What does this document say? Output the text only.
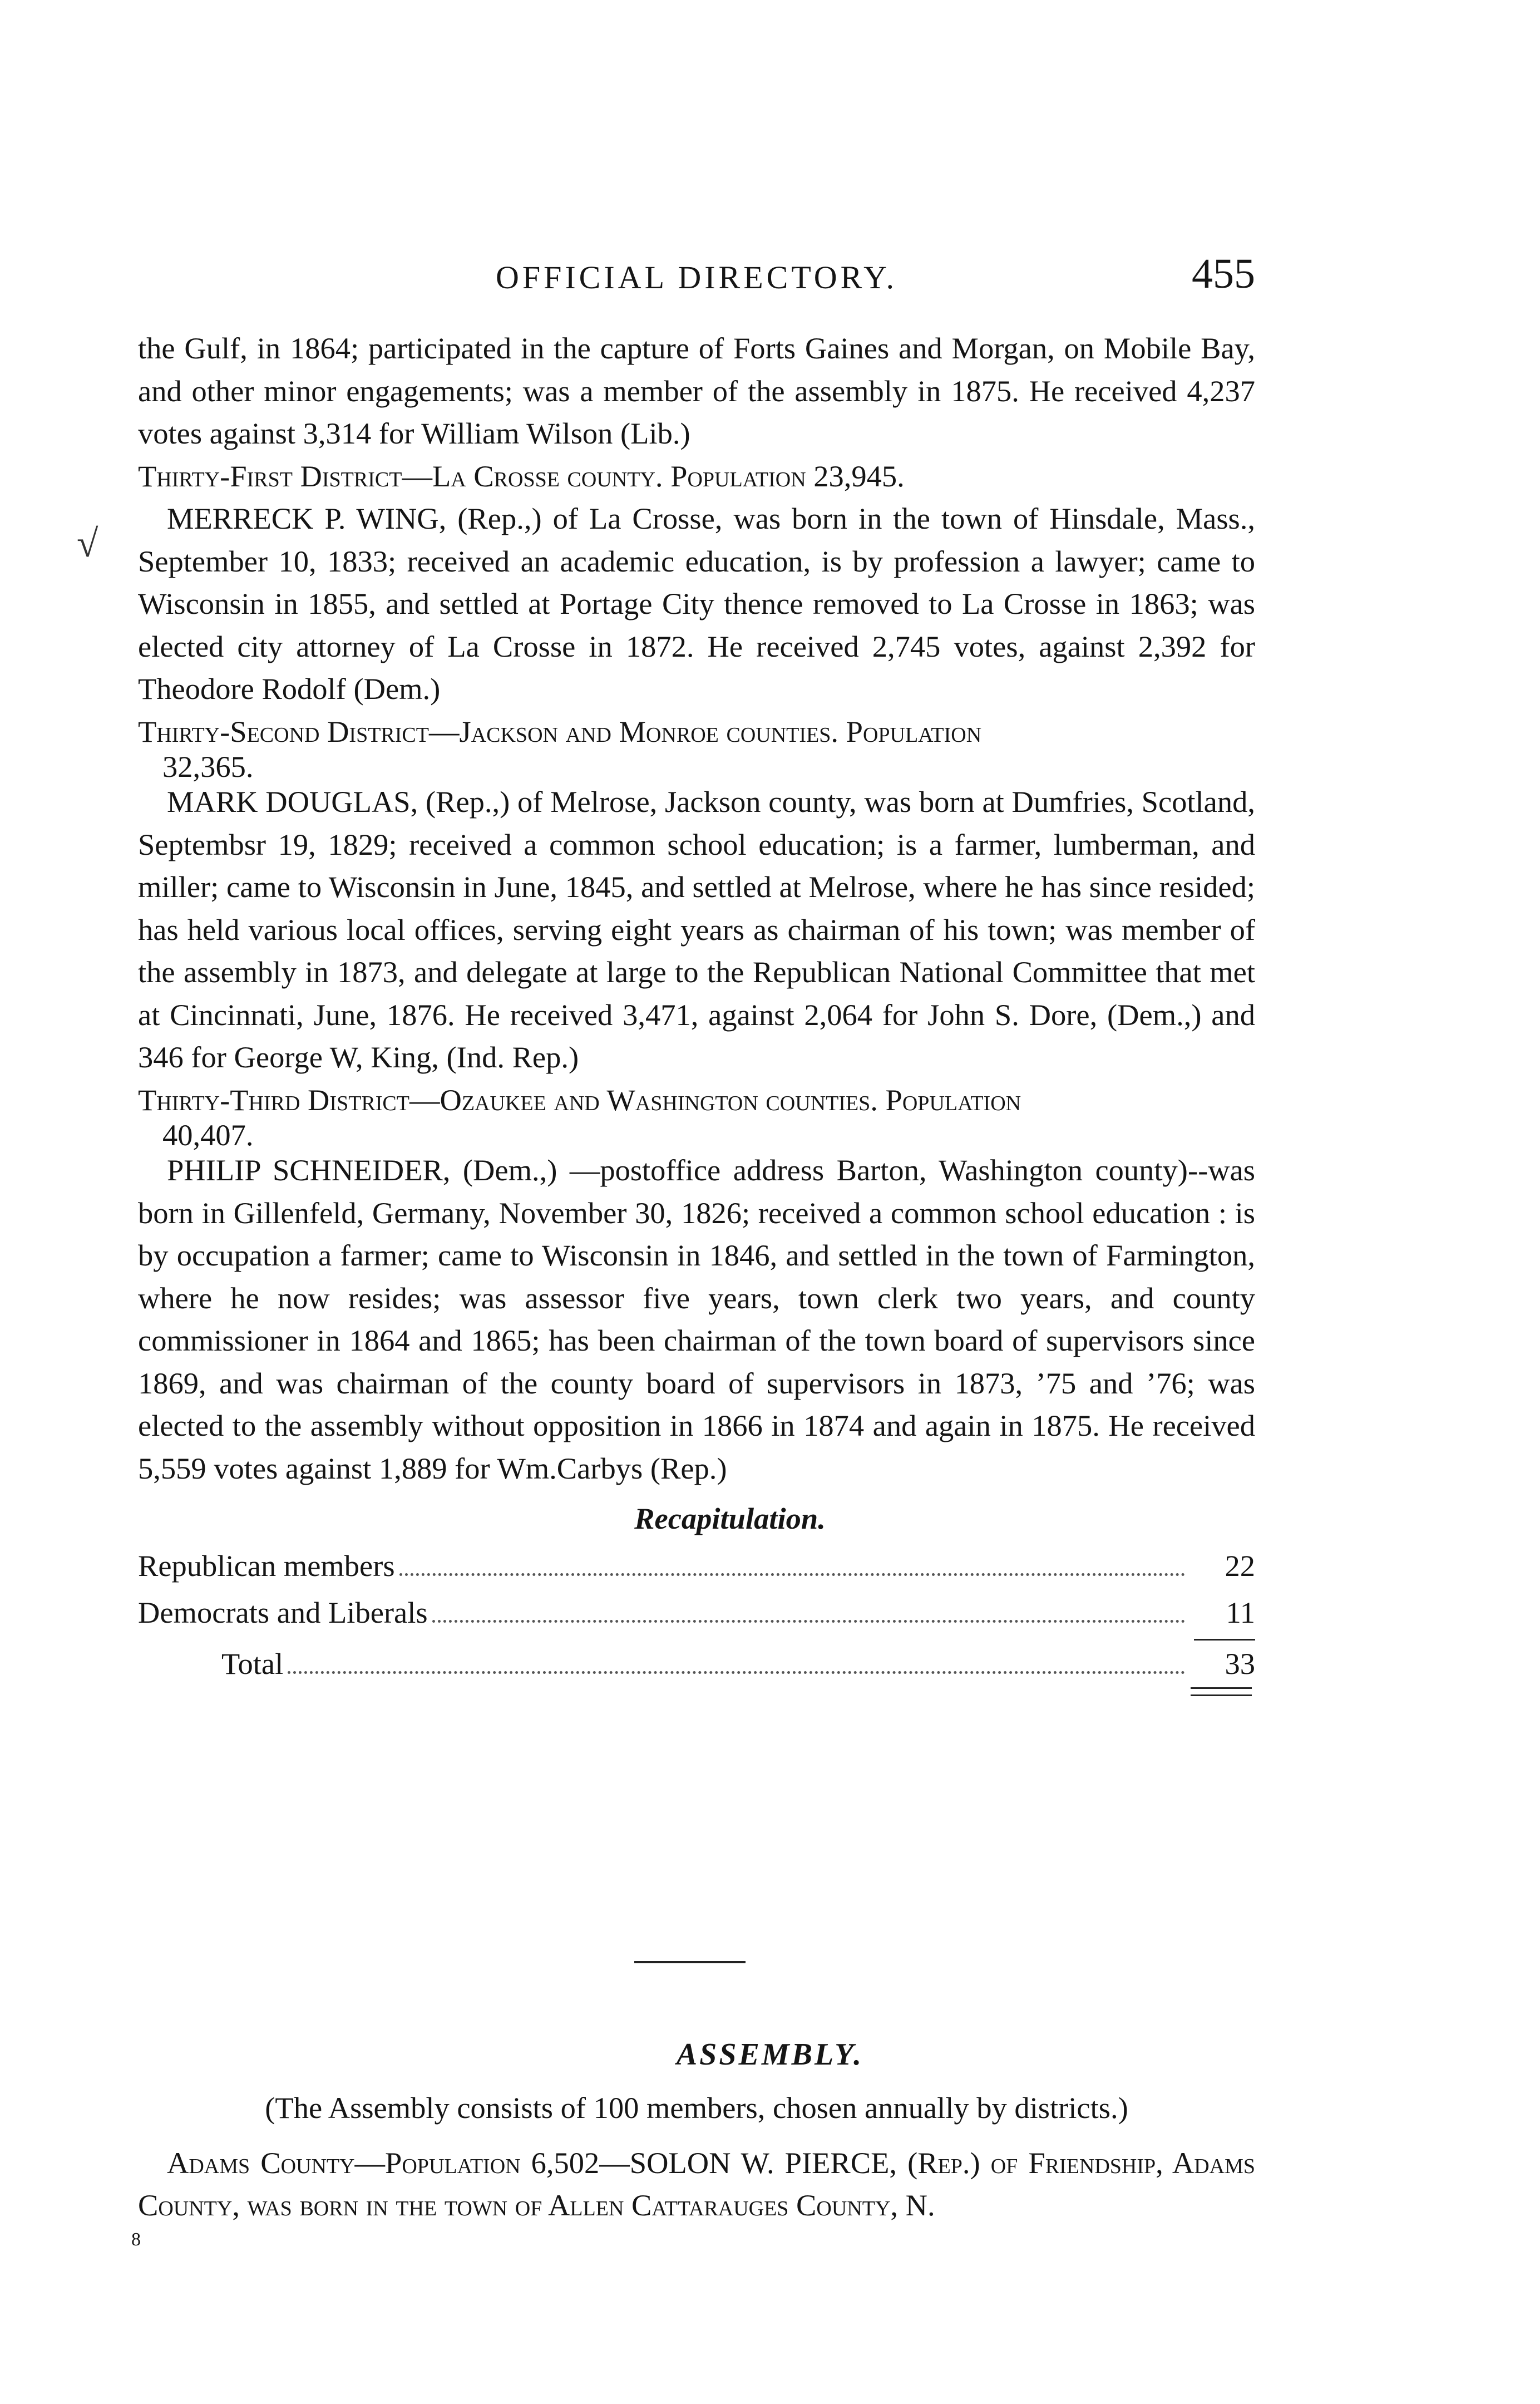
OFFICIAL DIRECTORY.	455
√

the Gulf, in 1864; participated in the capture of Forts Gaines and Morgan, on Mobile Bay, and other minor engagements; was a member of the assembly in 1875. He received 4,237 votes against 3,314 for William Wilson (Lib.)

Thirty-First District—La Crosse county. Population 23,945.

MERRECK P. WING, (Rep.,) of La Crosse, was born in the town of Hinsdale, Mass., September 10, 1833; received an academic education, is by profession a lawyer; came to Wisconsin in 1855, and settled at Portage City thence removed to La Crosse in 1863; was elected city attorney of La Crosse in 1872. He received 2,745 votes, against 2,392 for Theodore Rodolf (Dem.)

Thirty-Second District—Jackson and Monroe counties. Population

32,365.

MARK DOUGLAS, (Rep.,) of Melrose, Jackson county, was born at Dumfries, Scotland, Septembsr 19, 1829; received a common school education; is a farmer, lumberman, and miller; came to Wisconsin in June, 1845, and settled at Melrose, where he has since resided; has held various local offices, serving eight years as chairman of his town; was member of the assembly in 1873, and delegate at large to the Republican National Committee that met at Cincinnati, June, 1876. He received 3,471, against 2,064 for John S. Dore, (Dem.,) and 346 for George W, King, (Ind. Rep.)

Thirty-Third District—Ozaukee and Washington counties. Population

40,407.

PHILIP SCHNEIDER, (Dem.,) —postoffice address Barton, Washington county)--was born in Gillenfeld, Germany, November 30, 1826; received a common school education : is by occupation a farmer; came to Wisconsin in 1846, and settled in the town of Farmington, where he now resides; was assessor five years, town clerk two years, and county commissioner in 1864 and 1865; has been chairman of the town board of supervisors since 1869, and was chairman of the county board of supervisors in 1873, ’75 and ’76; was elected to the assembly without opposition in 1866 in 1874 and again in 1875. He received 5,559 votes against 1,889 for Wm.Carbys (Rep.)

Recapitulation.

Republican members	22
Democrats and Liberals	11
Total	33
ASSEMBLY.

(The Assembly consists of 100 members, chosen annually by districts.)

Adams County—Population 6,502—SOLON W. PIERCE, (Rep.) of Friendship, Adams County, was born in the town of Allen Cattarauges County, N.

8
